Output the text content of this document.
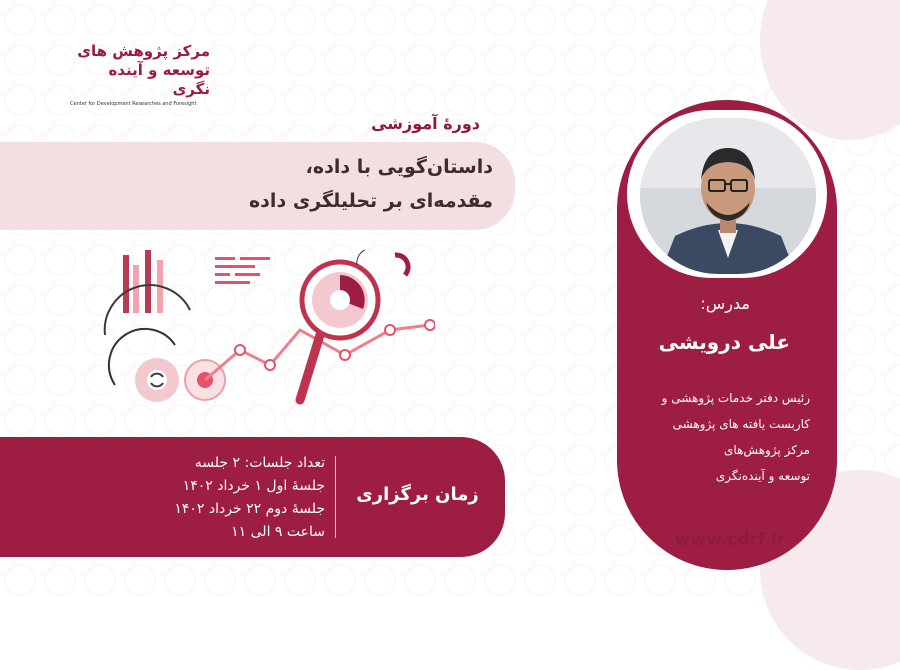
مرکز پژوهش های
توسعه و آینده نگری
Center for Development Researches and Foresight
دورهٔ آموزشی
داستان‌گویی با داده،
مقدمه‌ای بر تحلیلگری داده
زمان برگزاری
تعداد جلسات: ۲ جلسه
جلسهٔ اول ۱ خرداد ۱۴۰۲
جلسهٔ دوم ۲۲ خرداد ۱۴۰۲
ساعت ۹ الی ۱۱
مدرس:
علی درویشی
رئیس دفتر خدمات پژوهشی و
کاربست یافته های پژوهشی
مرکز پژوهش‌های
توسعه و آینده‌نگری
www.cdrf.ir
